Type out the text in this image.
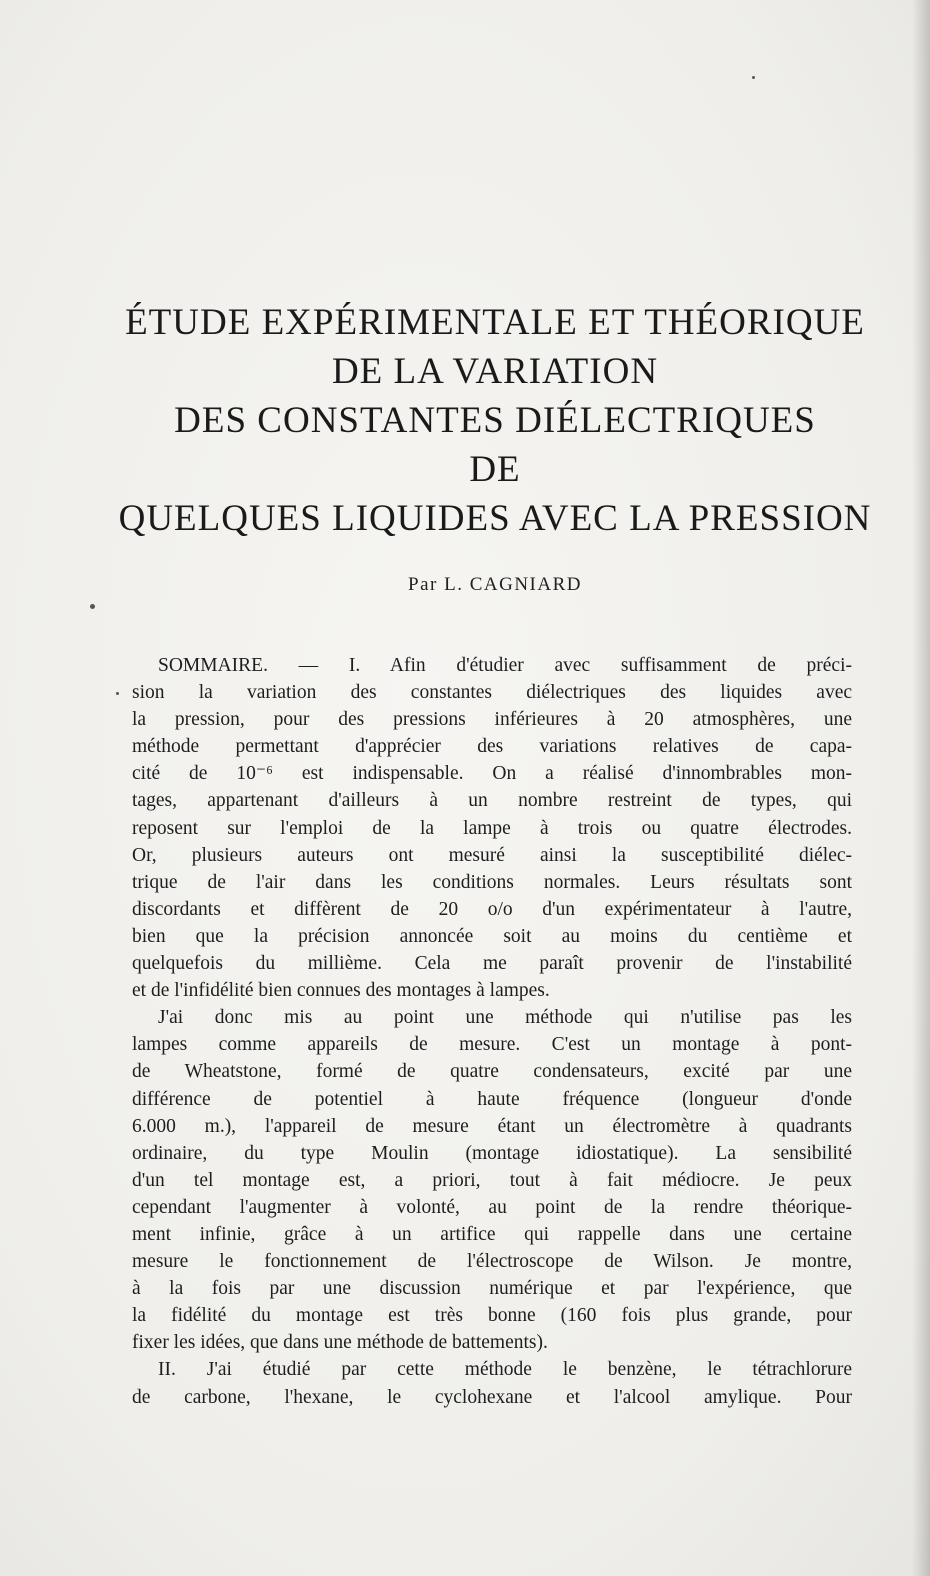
ÉTUDE EXPÉRIMENTALE ET THÉORIQUE
DE LA VARIATION
DES CONSTANTES DIÉLECTRIQUES
DE
QUELQUES LIQUIDES AVEC LA PRESSION
Par L. CAGNIARD
SOMMAIRE. — I. Afin d'étudier avec suffisamment de préci-
sion la variation des constantes diélectriques des liquides avec
la pression, pour des pressions inférieures à 20 atmosphères, une
méthode permettant d'apprécier des variations relatives de capa-
cité de 10⁻⁶ est indispensable. On a réalisé d'innombrables mon-
tages, appartenant d'ailleurs à un nombre restreint de types, qui
reposent sur l'emploi de la lampe à trois ou quatre électrodes.
Or, plusieurs auteurs ont mesuré ainsi la susceptibilité diélec-
trique de l'air dans les conditions normales. Leurs résultats sont
discordants et diffèrent de 20 o/o d'un expérimentateur à l'autre,
bien que la précision annoncée soit au moins du centième et
quelquefois du millième. Cela me paraît provenir de l'instabilité
et de l'infidélité bien connues des montages à lampes.
J'ai donc mis au point une méthode qui n'utilise pas les
lampes comme appareils de mesure. C'est un montage à pont-
de Wheatstone, formé de quatre condensateurs, excité par une
différence de potentiel à haute fréquence (longueur d'onde
6.000 m.), l'appareil de mesure étant un électromètre à quadrants
ordinaire, du type Moulin (montage idiostatique). La sensibilité
d'un tel montage est, a priori, tout à fait médiocre. Je peux
cependant l'augmenter à volonté, au point de la rendre théorique-
ment infinie, grâce à un artifice qui rappelle dans une certaine
mesure le fonctionnement de l'électroscope de Wilson. Je montre,
à la fois par une discussion numérique et par l'expérience, que
la fidélité du montage est très bonne (160 fois plus grande, pour
fixer les idées, que dans une méthode de battements).
II. J'ai étudié par cette méthode le benzène, le tétrachlorure
de carbone, l'hexane, le cyclohexane et l'alcool amylique. Pour
